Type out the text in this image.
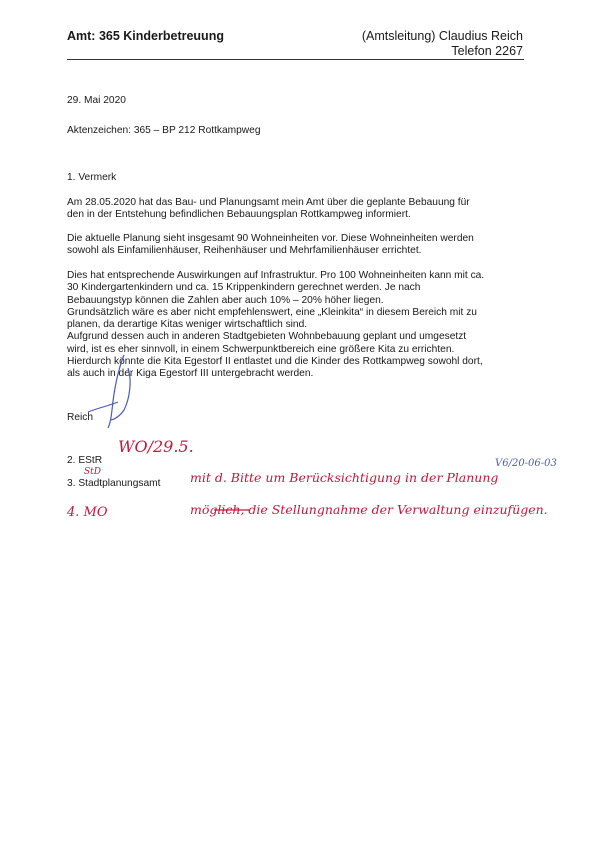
Amt: 365 Kinderbetreuung	(Amtsleitung) Claudius Reich
Telefon 2267
29. Mai 2020
Aktenzeichen: 365 – BP 212 Rottkampweg
1. Vermerk
Am 28.05.2020 hat das Bau- und Planungsamt mein Amt über die geplante Bebauung für
den in der Entstehung befindlichen Bebauungsplan Rottkampweg informiert.
Die aktuelle Planung sieht insgesamt 90 Wohneinheiten vor. Diese Wohneinheiten werden
sowohl als Einfamilienhäuser, Reihenhäuser und Mehrfamilienhäuser errichtet.
Dies hat entsprechende Auswirkungen auf Infrastruktur. Pro 100 Wohneinheiten kann mit ca.
30 Kindergartenkindern und ca. 15 Krippenkindern gerechnet werden. Je nach
Bebauungstyp können die Zahlen aber auch 10% – 20% höher liegen.
Grundsätzlich wäre es aber nicht empfehlenswert, eine „Kleinkita“ in diesem Bereich mit zu
planen, da derartige Kitas weniger wirtschaftlich sind.
Aufgrund dessen auch in anderen Stadtgebieten Wohnbebauung geplant und umgesetzt
wird, ist es eher sinnvoll, in einem Schwerpunktbereich eine größere Kita zu errichten.
Hierdurch könnte die Kita Egestorf II entlastet und die Kinder des Rottkampweg sowohl dort,
als auch in der Kiga Egestorf III untergebracht werden.
Reich
2. EStR
3. Stadtplanungsamt
WO/29.5.
StD	mit d. Bitte um Berücksichtigung in der Planung
V6/20-06-03
4. MO	möglich, die Stellungnahme der Verwaltung einzufügen.
